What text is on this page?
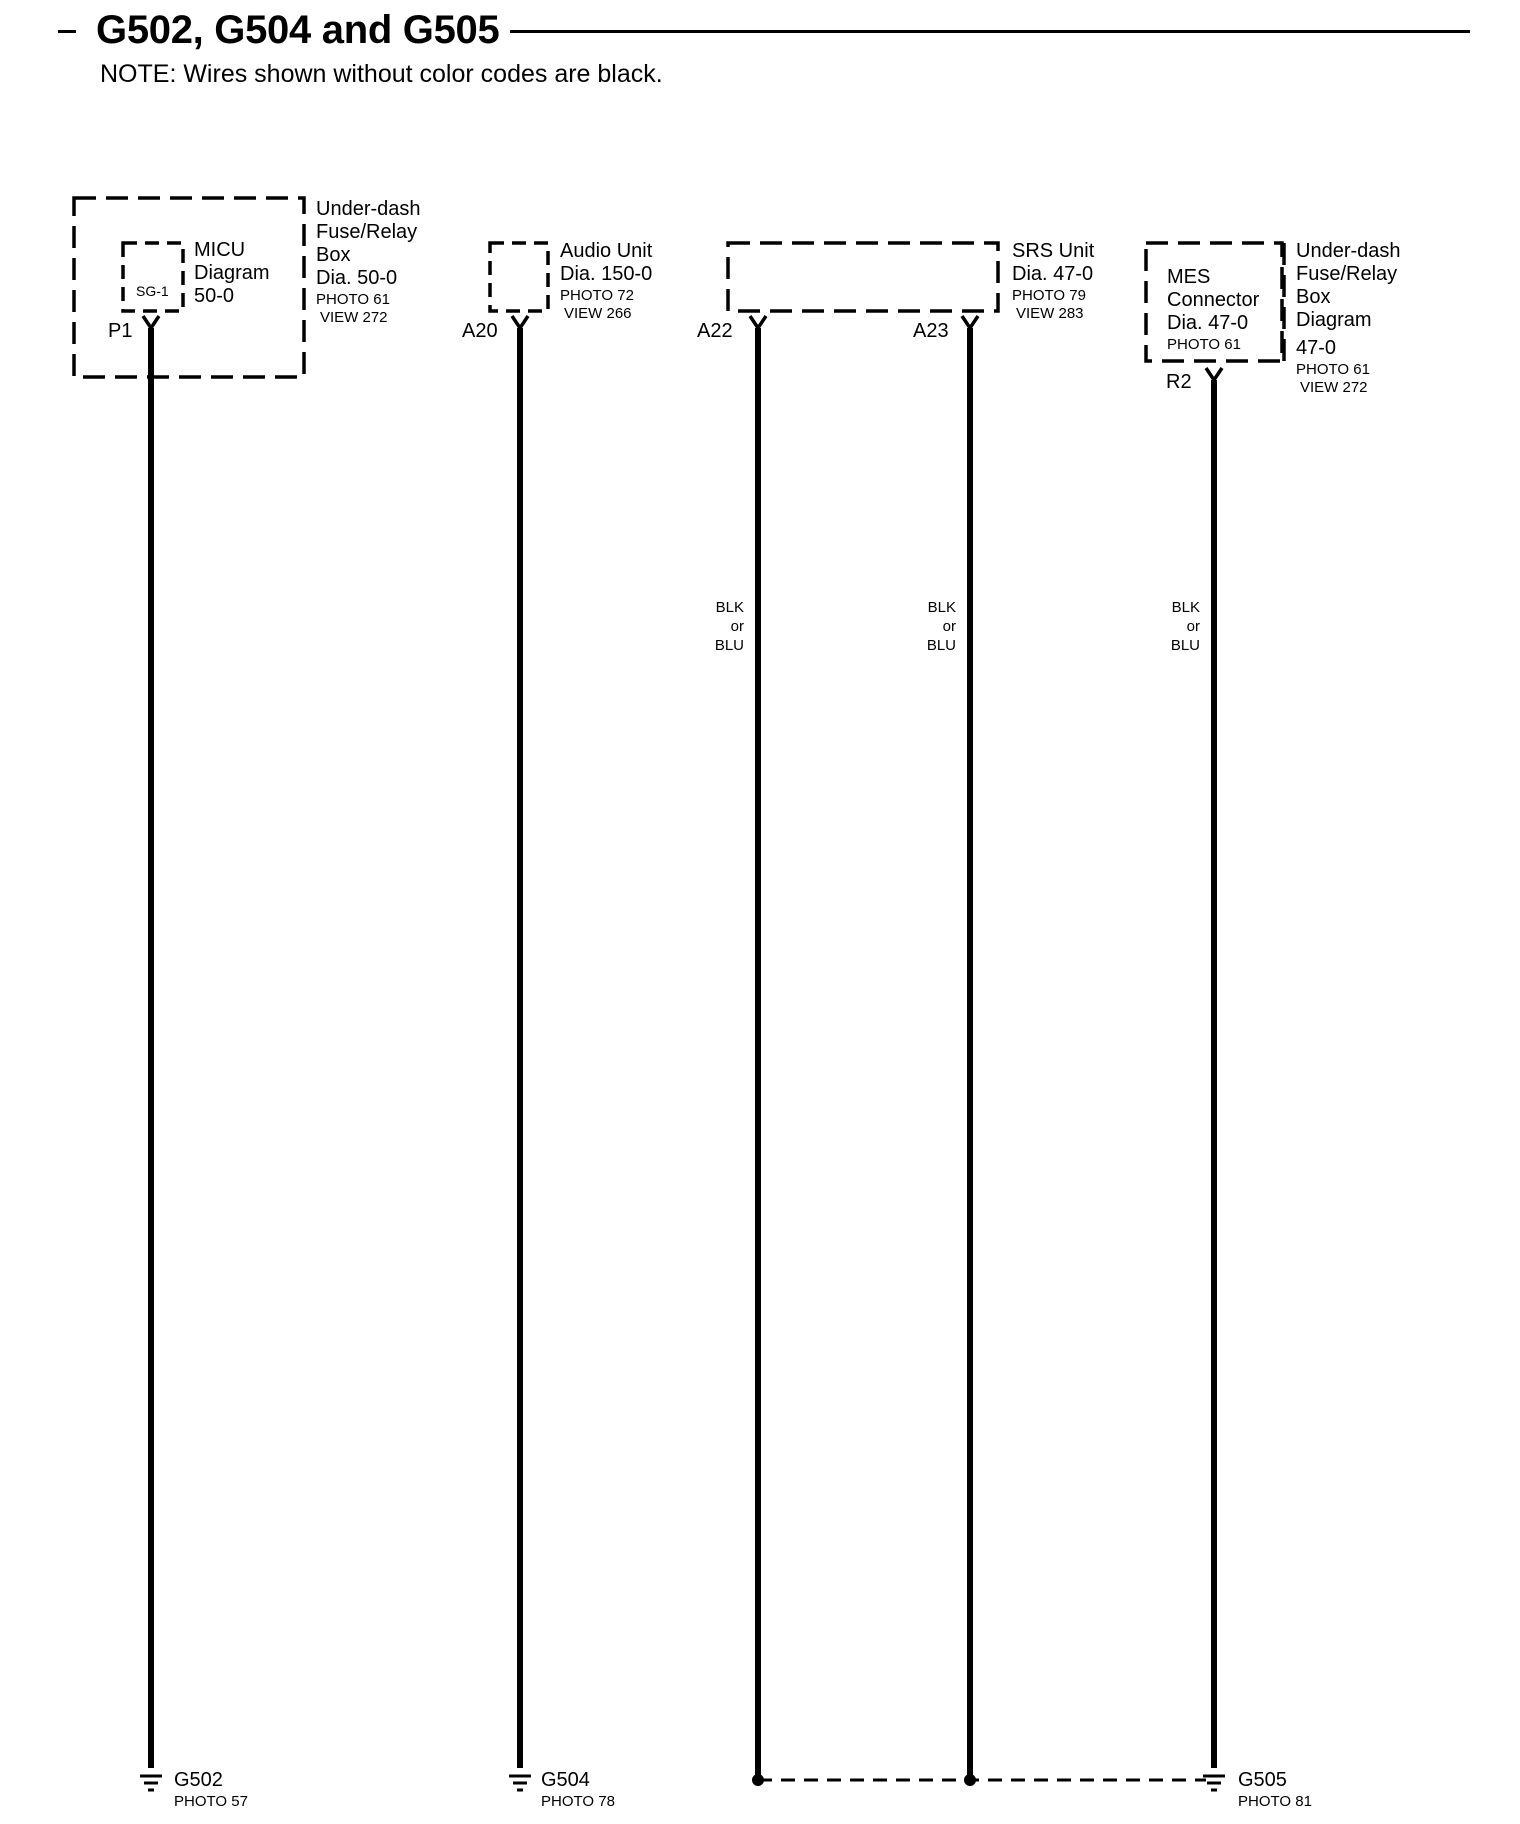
G502, G504 and G505
NOTE: Wires shown without color codes are black.
Under-dash
Fuse/Relay
Box
Dia. 50-0
PHOTO 61
VIEW 272
SG-1
MICU
Diagram
50-0
P1
Audio Unit
Dia. 150-0
PHOTO 72
VIEW 266
A20
SRS Unit
Dia. 47-0
PHOTO 79
VIEW 283
A22	A23
MES
Connector
Dia. 47-0
PHOTO 61
R2
Under-dash
Fuse/Relay
Box
Diagram
47-0
PHOTO 61
VIEW 272
BLK
or
BLU
BLK
or
BLU
BLK
or
BLU
G502
PHOTO 57
G504
PHOTO 78
G505
PHOTO 81
